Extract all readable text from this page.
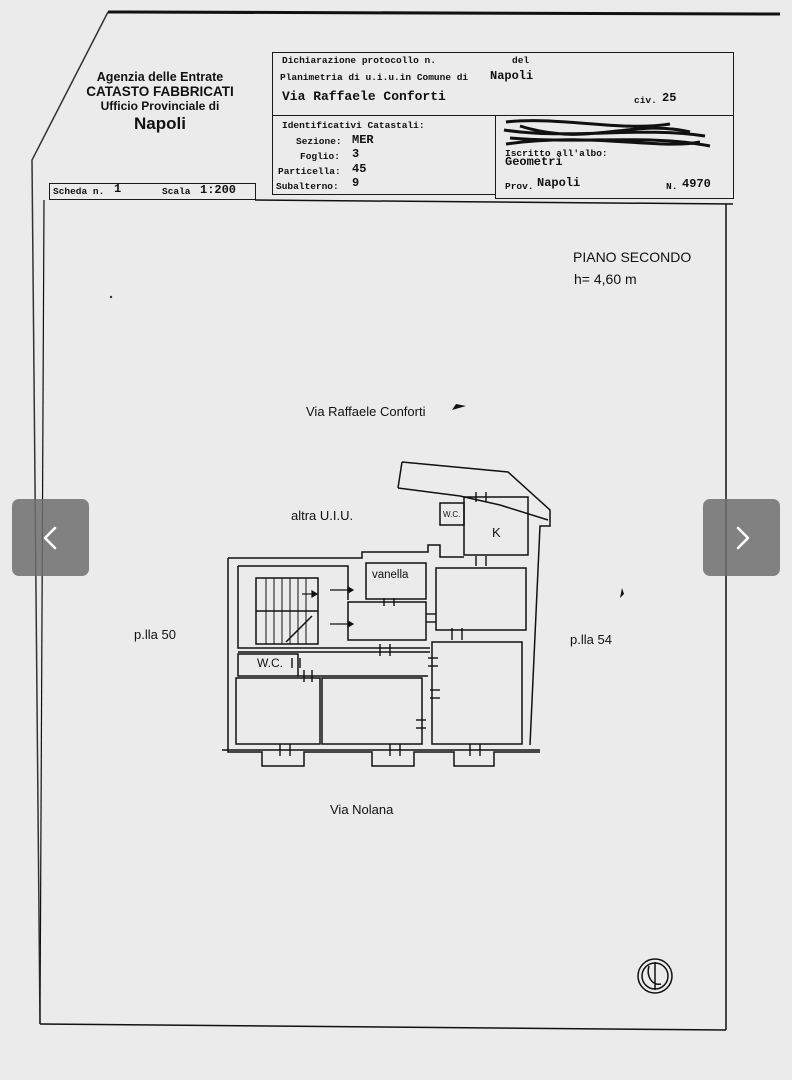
Agenzia delle Entrate
CATASTO FABBRICATI
Ufficio Provinciale di
Napoli
Dichiarazione protocollo n.	del
Planimetria di u.i.u.in Comune di Napoli
Via Raffaele Conforti	civ. 25
Identificativi Catastali:
Sezione: MER
Foglio: 3
Particella: 45
Subalterno: 9
Iscritto all'albo:
Geometri
Prov. Napoli	N. 4970
Scheda n. 1	Scala 1:200
PIANO SECONDO
h= 4,60 m
Via Raffaele Conforti
Via Nolana
p.lla 50	p.lla 54
altra U.I.U.	W.C.
K
vanella
W.C.
